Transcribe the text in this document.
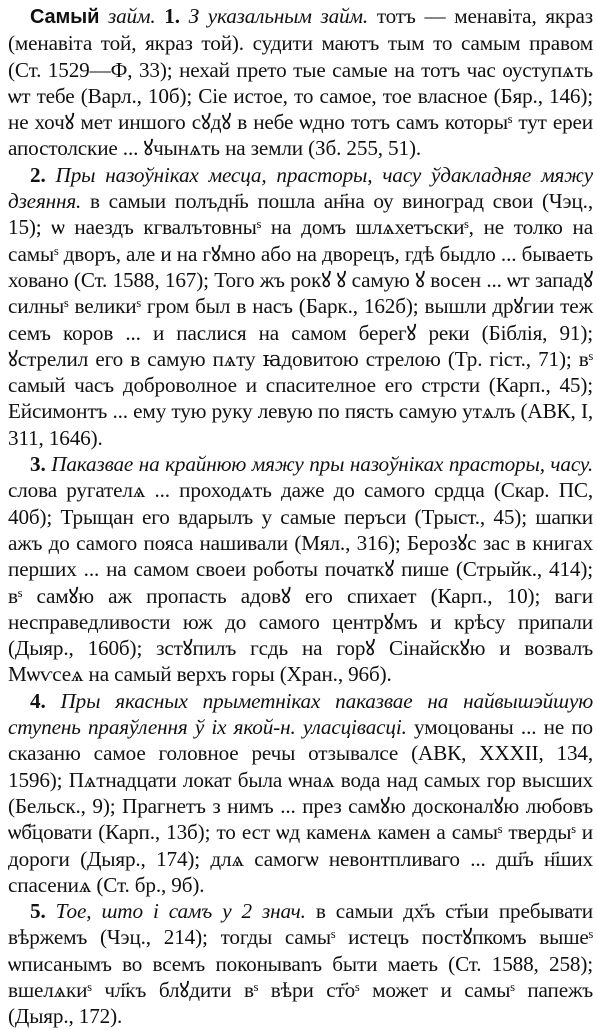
Самый займ. 1. З указальным займ. тотъ — менавіта, якраз (менавіта той, якраз той). судити маютъ тым то самым правом (Ст. 1529—Ф, 33); нехай прето тые самые на тотъ час оуступѧть ѡт тебе (Варл., 10б); Сіе истое, то самое, тое власное (Бяр., 146); не хочꙋ мет иншого сꙋдꙋ в небе ѡдно тотъ самъ которыˢ тут ереи апостолские ... ꙋчынѧть на земли (Зб. 255, 51).

2. Пры назоўніках месца, прасторы, часу ўдакладняе мяжу дзеяння. в самыи полъдн҃ь пошла ан҃на оу виноград свои (Чэц., 15); ѡ наездъ кгвалътовныˢ на домъ шлѧхетъскиˢ, не толко на самыˢ дворъ, але и на гꙋмно або на дворецъ, гдѣ быдло ... бываеть ховано (Ст. 1588, 167); Того жъ рокꙋ ꙋ самую ꙋ восен ... ѡт западꙋ силныˢ великиˢ гром был в насъ (Барк., 162б); вышли дрꙋгии теж семъ коров ... и паслися на самом берегꙋ реки (Біблія, 91); ꙋстрелил его в самую пѧту ꙗдовитою стрелою (Тр. гіст., 71); вˢ самый часъ доброволное и спасителное его стрсти (Карп., 45); Ейсимонтъ ... ему тую руку левую по пясть самую утѧлъ (АВК, I, 311, 1646).

3. Паказвае на крайнюю мяжу пры назоўніках прасторы, часу. слова ругателѧ ... проходѧть даже до самого срдца (Скар. ПС, 40б); Трыщан его вдарылъ у самые перъси (Трыст., 45); шапки ажъ до самого пояса нашивали (Мял., 316); Берозꙋс зас в книгах перших ... на самом своеи роботы початкꙋ пише (Стрыйк., 414); вˢ самꙋю аж пропасть адовꙋ его спихает (Карп., 10); ваги несправедливости юж до самого центрꙋмъ и крѣсу припали (Дыяр., 160б); зстꙋпилъ гсдь на горꙋ Сінайскꙋю и возвалъ Мѡѵсеѧ на самый верхъ горы (Хран., 96б).

4. Пры якасных прыметніках паказвае на найвышэйшую ступень праяўлення ў іх якой-н. уласцівасці. умоцованы ... не по сказаню самое головное речы отзывалсе (АВК, XXXII, 134, 1596); Пѧтнадцати локат была ѡнаѧ вода над самых гор высших (Бельск., 9); Прагнетъ з нимъ ... през самꙋю досконалꙋю любовъ ѡб҃цовати (Карп., 13б); то ест ѡд каменѧ камен а самыˢ твердыˢ и дороги (Дыяр., 174); длѧ самогѡ невонтпливаго ... дш҃ъ н҃ших спасениѧ (Ст. бр., 9б).

5. Тое, што і самъ у 2 знач. в самыи дх҃ъ ст҃ыи пребывати вѣржемъ (Чэц., 214); тогды самыˢ истецъ постꙋпкомъ вышеˢ ѡписанымъ во всемъ поконываnъ быти маеть (Ст. 1588, 258); вшелѧкиˢ чл҃къ блꙋдити вˢ вѣри ст҃оˢ может и самыˢ папежъ (Дыяр., 172).
